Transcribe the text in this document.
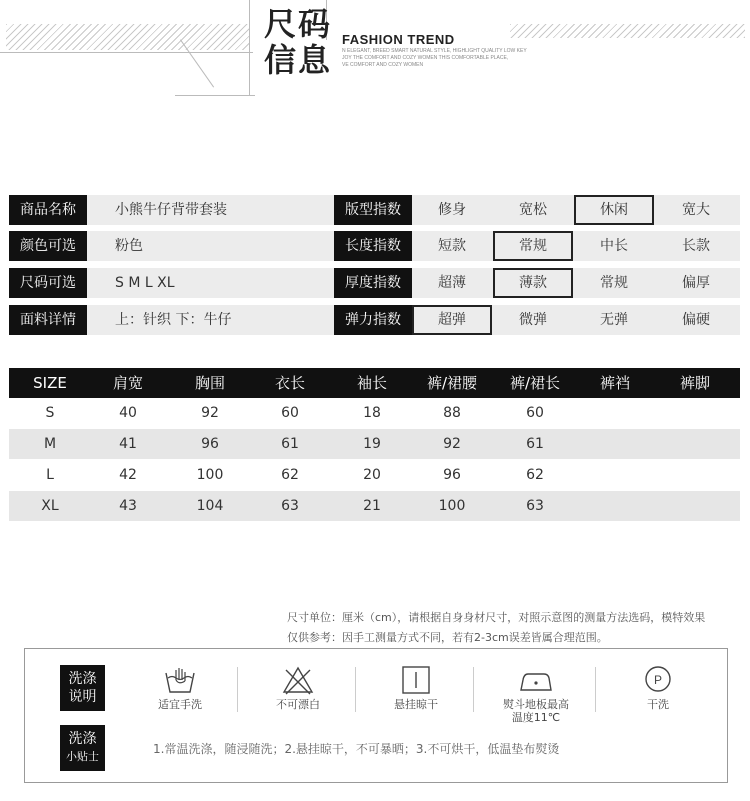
尺码
信息
FASHION TREND
N ELEGANT, BREED SMART NATURAL STYLE, HIGHLIGHT QUALITY LOW KEY
JOY THE COMFORT AND COZY WOMEN THIS COMFORTABLE PLACE,
VE COMFORT AND COZY WOMEN
商品名称	小熊牛仔背带套装	版型指数	修身	宽松	休闲	宽大
颜色可选	粉色	长度指数	短款	常规	中长	长款
尺码可选	S M L XL	厚度指数	超薄	薄款	常规	偏厚
面料详情	上：针织 下：牛仔	弹力指数	超弹	微弹	无弹	偏硬
SIZE	肩宽	胸围	衣长	袖长	裤/裙腰	裤/裙长	裤裆	裤脚
S	40	92	60	18	88	60
M	41	96	61	19	92	61
L	42	100	62	20	96	62
XL	43	104	63	21	100	63
尺寸单位：厘米（cm），请根据自身身材尺寸，对照示意图的测量方法选码，模特效果
仅供参考：因手工测量方式不同，若有2-3cm误差皆属合理范围。
洗涤
说明
洗涤
小贴士
适宜手洗	不可漂白	悬挂晾干	熨斗地板最高
温度11℃
P
干洗
1.常温洗涤，随浸随洗；2.悬挂晾干，不可暴晒；3.不可烘干，低温垫布熨烫
